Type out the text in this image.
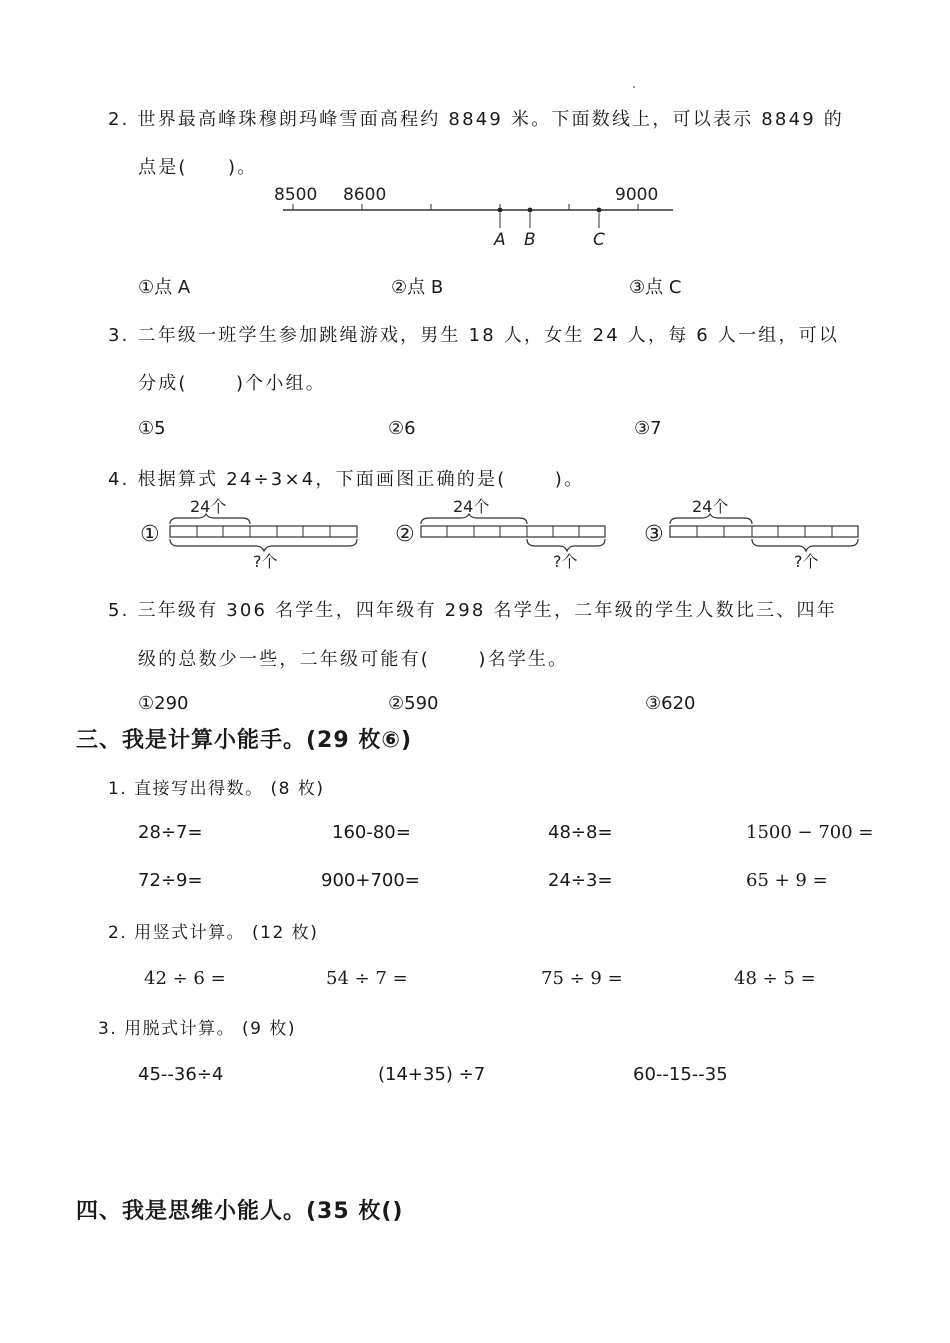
2. 世界最高峰珠穆朗玛峰雪面高程约 8849 米。下面数线上，可以表示 8849 的
点是(　　)。
8500 8600	9000
A B	C
①点 A	②点 B	③点 C
3. 二年级一班学生参加跳绳游戏，男生 18 人，女生 24 人，每 6 人一组，可以
分成(　　 )个小组。
①5	②6	③7
4. 根据算式 24÷3×4，下面画图正确的是(　　 )。
①
24个
?个
②
24个
?个
③
24个
?个
5. 三年级有 306 名学生，四年级有 298 名学生，二年级的学生人数比三、四年
级的总数少一些，二年级可能有(　　 )名学生。
①290	②590	③620
三、我是计算小能手。(29 枚⑥)
1. 直接写出得数。 (8 枚)
28÷7=	160-80=	48÷8=	1500 − 700 =
72÷9=	900+700=	24÷3=	65 + 9 =
2. 用竖式计算。 (12 枚)
42 ÷ 6 =	54 ÷ 7 =	75 ÷ 9 =	48 ÷ 5 =
3. 用脱式计算。 (9 枚)
45--36÷4	(14+35) ÷7	60--15--35
四、我是思维小能人。(35 枚()
